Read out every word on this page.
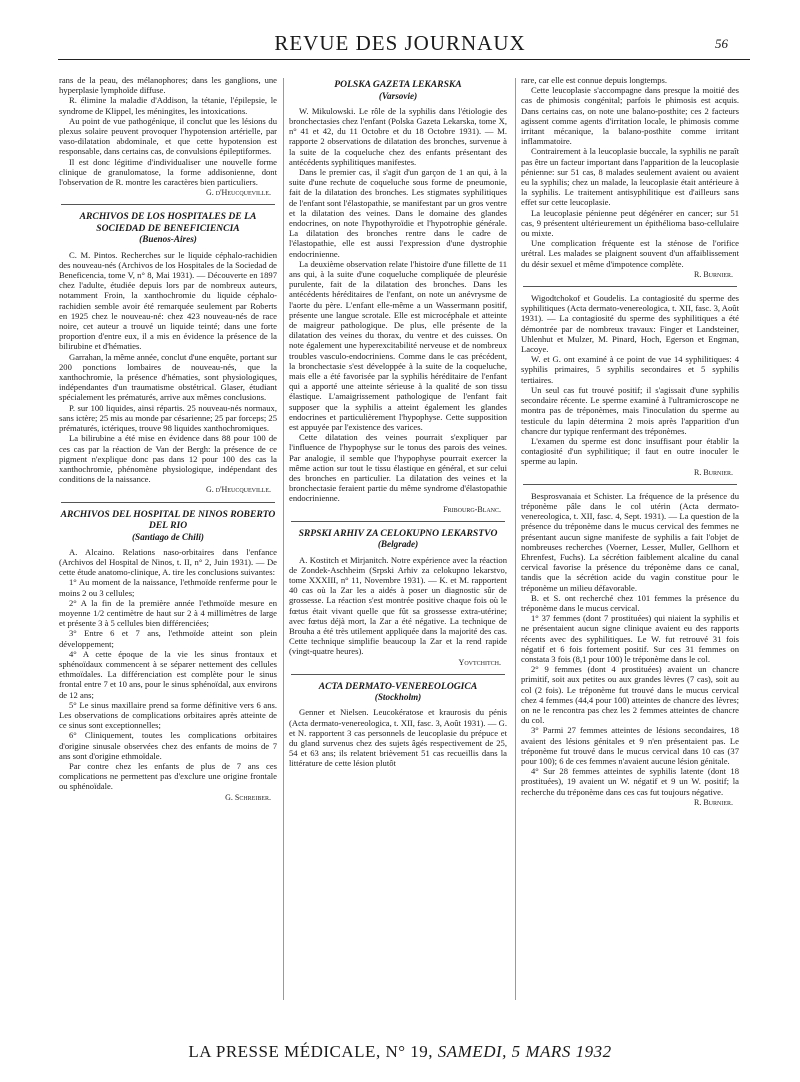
REVUE DES JOURNAUX	56

rans de la peau, des mélanophores; dans les ganglions, une hyperplasie lymphoïde diffuse.

R. élimine la maladie d'Addison, la tétanie, l'épilepsie, le syndrome de Klippel, les méningites, les intoxications.

Au point de vue pathogénique, il conclut que les lésions du plexus solaire peuvent provoquer l'hypotension artérielle, par vaso-dilatation abdominale, et que cette hypotension est responsable, dans certains cas, de convulsions épileptiformes.

Il est donc légitime d'individualiser une nouvelle forme clinique de granulomatose, la forme addisonienne, dont l'observation de R. montre les caractères bien particuliers.

G. d'Heucqueville.
ARCHIVOS DE LOS HOSPITALES DE LA SOCIEDAD DE BENEFICIENCIA
(Buenos-Aires)

C. M. Pintos. Recherches sur le liquide céphalo-rachidien des nouveau-nés (Archivos de los Hospitales de la Sociedad de Beneficencia, tome V, n° 8, Mai 1931). — Découverte en 1897 chez l'adulte, étudiée depuis lors par de nombreux auteurs, notamment Froin, la xanthochromie du liquide céphalo-rachidien semble avoir été remarquée seulement par Roberts en 1925 chez le nouveau-né: chez 423 nouveau-nés de race noire, cet auteur a trouvé un liquide teinté; dans une forte proportion d'entre eux, il a mis en évidence la présence de la bilirubine et d'hématies.

Garrahan, la même année, conclut d'une enquête, portant sur 200 ponctions lombaires de nouveau-nés, que la xanthochromie, la présence d'hématies, sont physiologiques, indépendantes d'un traumatisme obstétrical. Glaser, étudiant spécialement les prématurés, arrive aux mêmes conclusions.

P. sur 100 liquides, ainsi répartis. 25 nouveau-nés normaux, sans ictère; 25 mis au monde par césarienne; 25 par forceps; 25 prématurés, ictériques, trouve 98 liquides xanthochromiques.

La bilirubine a été mise en évidence dans 88 pour 100 de ces cas par la réaction de Van der Bergh: la présence de ce pigment n'explique donc pas dans 12 pour 100 des cas la xanthochromie, phénomène physiologique, indépendant des conditions de la naissance.

G. d'Heucqueville.
ARCHIVOS DEL HOSPITAL DE NINOS ROBERTO DEL RIO
(Santiago de Chili)

A. Alcaino. Relations naso-orbitaires dans l'enfance (Archivos del Hospital de Ninos, t. II, n° 2, Juin 1931). — De cette étude anatomo-clinique, A. tire les conclusions suivantes:

1° Au moment de la naissance, l'ethmoïde renferme pour le moins 2 ou 3 cellules;

2° A la fin de la première année l'ethmoïde mesure en moyenne 1/2 centimètre de haut sur 2 à 4 millimètres de large et présente 3 à 5 cellules bien différenciées;

3° Entre 6 et 7 ans, l'ethmoïde atteint son plein développement;

4° A cette époque de la vie les sinus frontaux et sphénoïdaux commencent à se séparer nettement des cellules ethmoïdales. La différenciation est complète pour le sinus frontal entre 7 et 10 ans, pour le sinus sphénoïdal, aux environs de 12 ans;

5° Le sinus maxillaire prend sa forme définitive vers 6 ans. Les observations de complications orbitaires après atteinte de ce sinus sont exceptionnelles;

6° Cliniquement, toutes les complications orbitaires d'origine sinusale observées chez des enfants de moins de 7 ans sont d'origine ethmoïdale.

Par contre chez les enfants de plus de 7 ans ces complications ne permettent pas d'exclure une origine frontale ou sphénoïdale.

G. Schreiber.
POLSKA GAZETA LEKARSKA
(Varsovie)

W. Mikulowski. Le rôle de la syphilis dans l'étiologie des bronchectasies chez l'enfant (Polska Gazeta Lekarska, tome X, n° 41 et 42, du 11 Octobre et du 18 Octobre 1931). — M. rapporte 2 observations de dilatation des bronches, survenue à la suite de la coqueluche chez des enfants présentant des antécédents syphilitiques manifestes.

Dans le premier cas, il s'agit d'un garçon de 1 an qui, à la suite d'une rechute de coqueluche sous forme de pneumonie, fait de la dilatation des bronches. Les stigmates syphilitiques de l'enfant sont l'élastopathie, se manifestant par un gros ventre et la dilatation des veines. Dans le domaine des glandes endocrines, on note l'hypothyroïdie et l'hypotrophie générale. La dilatation des bronches rentre dans le cadre de l'élastopathie, elle est aussi l'expression d'une dystrophie endocrinienne.

La deuxième observation relate l'histoire d'une fillette de 11 ans qui, à la suite d'une coqueluche compliquée de pleurésie purulente, fait de la dilatation des bronches. Dans les antécédents héréditaires de l'enfant, on note un anévrysme de l'aorte du père. L'enfant elle-même a un Wassermann positif, présente une langue scrotale. Elle est microcéphale et atteinte de maigreur pathologique. De plus, elle présente de la dilatation des veines du thorax, du ventre et des cuisses. On note également une hyperexcitabilité nerveuse et de nombreux troubles vasculo-endocriniens. Comme dans le cas précédent, la bronchectasie s'est développée à la suite de la coqueluche, mais elle a été favorisée par la syphilis héréditaire de l'enfant qui a apporté une atteinte sérieuse à la qualité de son tissu élastique. L'amaigrissement pathologique de l'enfant fait supposer que la syphilis a atteint également les glandes endocrines et particulièrement l'hypophyse. Cette supposition est appuyée par l'existence des varices.

Cette dilatation des veines pourrait s'expliquer par l'influence de l'hypophyse sur le tonus des parois des veines. Par analogie, il semble que l'hypophyse pourrait exercer la même action sur tout le tissu élastique en général, et sur celui des bronches en particulier. La dilatation des veines et la bronchectasie feraient partie du même syndrome d'élastopathie endocrinienne.

Fribourg-Blanc.
SRPSKI ARHIV ZA CELOKUPNO LEKARSTVO
(Belgrade)

A. Kostitch et Mirjanitch. Notre expérience avec la réaction de Zondek-Aschheim (Srpski Arhiv za celokupno lekarstvo, tome XXXIII, n° 11, Novembre 1931). — K. et M. rapportent 40 cas où la Zar les a aidés à poser un diagnostic sûr de grossesse. La réaction s'est montrée positive chaque fois où le fœtus était vivant quelle que fût sa grossesse extra-utérine; avec fœtus déjà mort, la Zar a été négative. La technique de Brouha a été très utilement appliquée dans la majorité des cas. Cette technique simplifie beaucoup la Zar et la rend rapide (vingt-quatre heures).

Yovtchitch.
ACTA DERMATO-VENEREOLOGICA
(Stockholm)

Genner et Nielsen. Leucokératose et kraurosis du pénis (Acta dermato-venereologica, t. XII, fasc. 3, Août 1931). — G. et N. rapportent 3 cas personnels de leucoplasie du prépuce et du gland survenus chez des sujets âgés respectivement de 25, 54 et 63 ans; ils relatent brièvement 51 cas recueillis dans la littérature de cette lésion plutôt

rare, car elle est connue depuis longtemps.

Cette leucoplasie s'accompagne dans presque la moitié des cas de phimosis congénital; parfois le phimosis est acquis. Dans certains cas, on note une balano-posthite; ces 2 facteurs agissent comme agents d'irritation locale, le phimosis comme irritant mécanique, la balano-posthite comme irritant inflammatoire.

Contrairement à la leucoplasie buccale, la syphilis ne paraît pas être un facteur important dans l'apparition de la leucoplasie pénienne: sur 51 cas, 8 malades seulement avaient ou avaient eu la syphilis; chez un malade, la leucoplasie était antérieure à la syphilis. Le traitement antisyphilitique est d'ailleurs sans effet sur cette leucoplasie.

La leucoplasie pénienne peut dégénérer en cancer; sur 51 cas, 9 présentent ultérieurement un épithélioma baso-cellulaire ou mixte.

Une complication fréquente est la sténose de l'orifice urétral. Les malades se plaignent souvent d'un affaiblissement du désir sexuel et même d'impotence complète.

R. Burnier.

Wigodtchokof et Goudelis. La contagiosité du sperme des syphilitiques (Acta dermato-venereologica, t. XII, fasc. 3, Août 1931). — La contagiosité du sperme des syphilitiques a été démontrée par de nombreux travaux: Finger et Landsteiner, Uhlenhut et Mulzer, M. Pinard, Hoch, Egerson et Engman, Lacoye.

W. et G. ont examiné à ce point de vue 14 syphilitiques: 4 syphilis primaires, 5 syphilis secondaires et 5 syphilis tertiaires.

Un seul cas fut trouvé positif; il s'agissait d'une syphilis secondaire récente. Le sperme examiné à l'ultramicroscope ne montra pas de tréponèmes, mais l'inoculation du sperme au testicule du lapin détermina 2 mois après l'apparition d'un chancre dur typique renfermant des tréponèmes.

L'examen du sperme est donc insuffisant pour établir la contagiosité d'un syphilitique; il faut en outre inoculer le sperme au lapin.

R. Burnier.

Besprosvanaia et Schister. La fréquence de la présence du tréponème pâle dans le col utérin (Acta dermato-venereologica, t. XII, fasc. 4, Sept. 1931). — La question de la présence du tréponème dans le mucus cervical des femmes ne présentant aucun signe manifeste de syphilis a fait l'objet de nombreuses recherches (Voerner, Lesser, Muller, Gellhorn et Ehrenfest, Fuchs). La sécrétion faiblement alcaline du canal cervical favorise la présence du tréponème dans ce canal, tandis que la sécrétion acide du vagin constitue pour le tréponème un milieu défavorable.

B. et S. ont recherché chez 101 femmes la présence du tréponème dans le mucus cervical.

1° 37 femmes (dont 7 prostituées) qui niaient la syphilis et ne présentaient aucun signe clinique avaient eu des rapports récents avec des syphilitiques. Le W. fut retrouvé 31 fois négatif et 6 fois fortement positif. Sur ces 31 femmes on constata 3 fois (8,1 pour 100) le tréponème dans le col.

2° 9 femmes (dont 4 prostituées) avaient un chancre primitif, soit aux petites ou aux grandes lèvres (7 cas), soit au col (2 fois). Le tréponème fut trouvé dans le mucus cervical chez 4 femmes (44,4 pour 100) atteintes de chancre des lèvres; on ne le rencontra pas chez les 2 femmes atteintes de chancre du col.

3° Parmi 27 femmes atteintes de lésions secondaires, 18 avaient des lésions génitales et 9 n'en présentaient pas. Le tréponème fut trouvé dans le mucus cervical dans 10 cas (37 pour 100); 6 de ces femmes n'avaient aucune lésion génitale.

4° Sur 28 femmes atteintes de syphilis latente (dont 18 prostituées), 19 avaient un W. négatif et 9 un W. positif; la recherche du tréponème dans ces cas fut toujours négative.

R. Burnier.
LA PRESSE MÉDICALE, N° 19, SAMEDI, 5 MARS 1932
